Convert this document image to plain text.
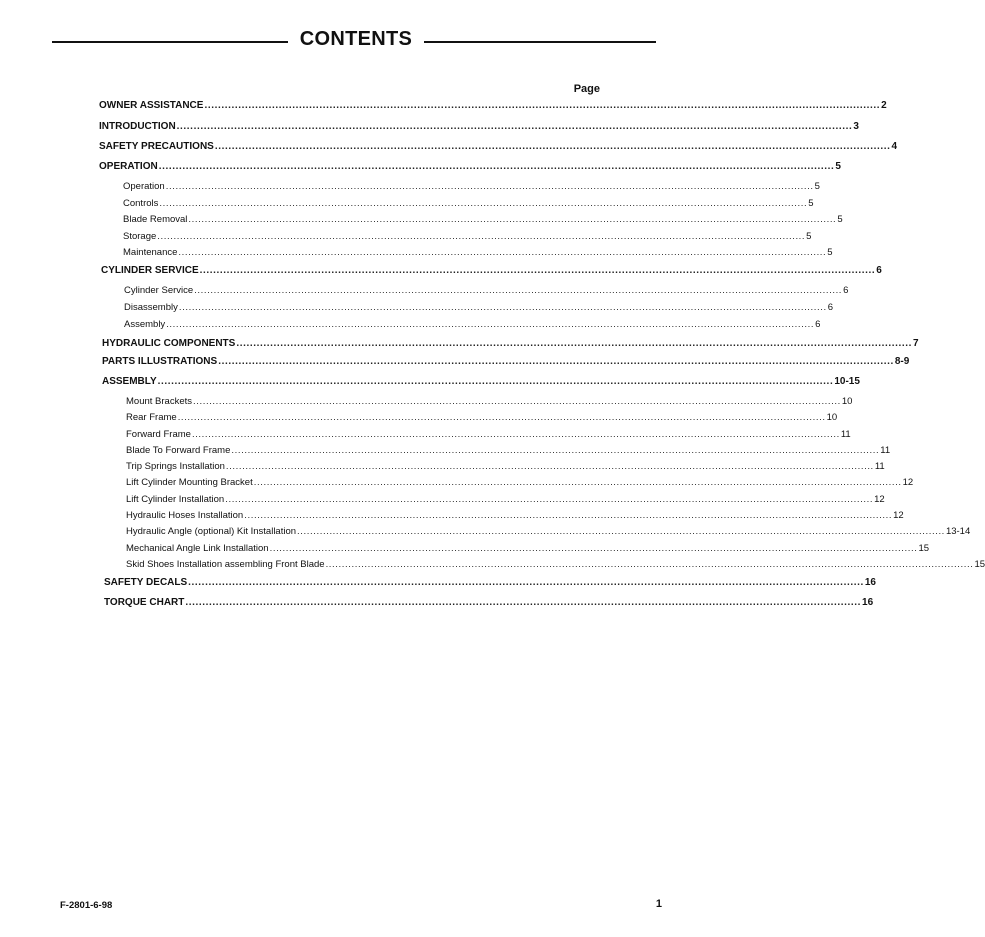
CONTENTS
Page
OWNER ASSISTANCE ........................................................................................................................................................................................................ 2
INTRODUCTION ........................................................................................................................................................................................................ 3
SAFETY PRECAUTIONS ........................................................................................................................................................................................................ 4
OPERATION ........................................................................................................................................................................................................ 5
Operation ........................................................................................................................................................................................................ 5
Controls ........................................................................................................................................................................................................ 5
Blade Removal ........................................................................................................................................................................................................ 5
Storage ........................................................................................................................................................................................................ 5
Maintenance ........................................................................................................................................................................................................ 5
CYLINDER SERVICE ........................................................................................................................................................................................................ 6
Cylinder Service ........................................................................................................................................................................................................ 6
Disassembly ........................................................................................................................................................................................................ 6
Assembly ........................................................................................................................................................................................................ 6
HYDRAULIC COMPONENTS ........................................................................................................................................................................................................ 7
PARTS ILLUSTRATIONS ........................................................................................................................................................................................................ 8-9
ASSEMBLY ........................................................................................................................................................................................................ 10-15
Mount Brackets ........................................................................................................................................................................................................ 10
Rear Frame ........................................................................................................................................................................................................ 10
Forward Frame ........................................................................................................................................................................................................ 11
Blade To Forward Frame ........................................................................................................................................................................................................ 11
Trip Springs Installation ........................................................................................................................................................................................................ 11
Lift Cylinder Mounting Bracket ........................................................................................................................................................................................................ 12
Lift Cylinder Installation ........................................................................................................................................................................................................ 12
Hydraulic Hoses Installation ........................................................................................................................................................................................................ 12
Hydraulic Angle (optional) Kit Installation ........................................................................................................................................................................................................ 13-14
Mechanical Angle Link Installation ........................................................................................................................................................................................................ 15
Skid Shoes Installation assembling Front Blade ........................................................................................................................................................................................................ 15
SAFETY DECALS ........................................................................................................................................................................................................ 16
TORQUE CHART ........................................................................................................................................................................................................ 16
F-2801-6-98	1
